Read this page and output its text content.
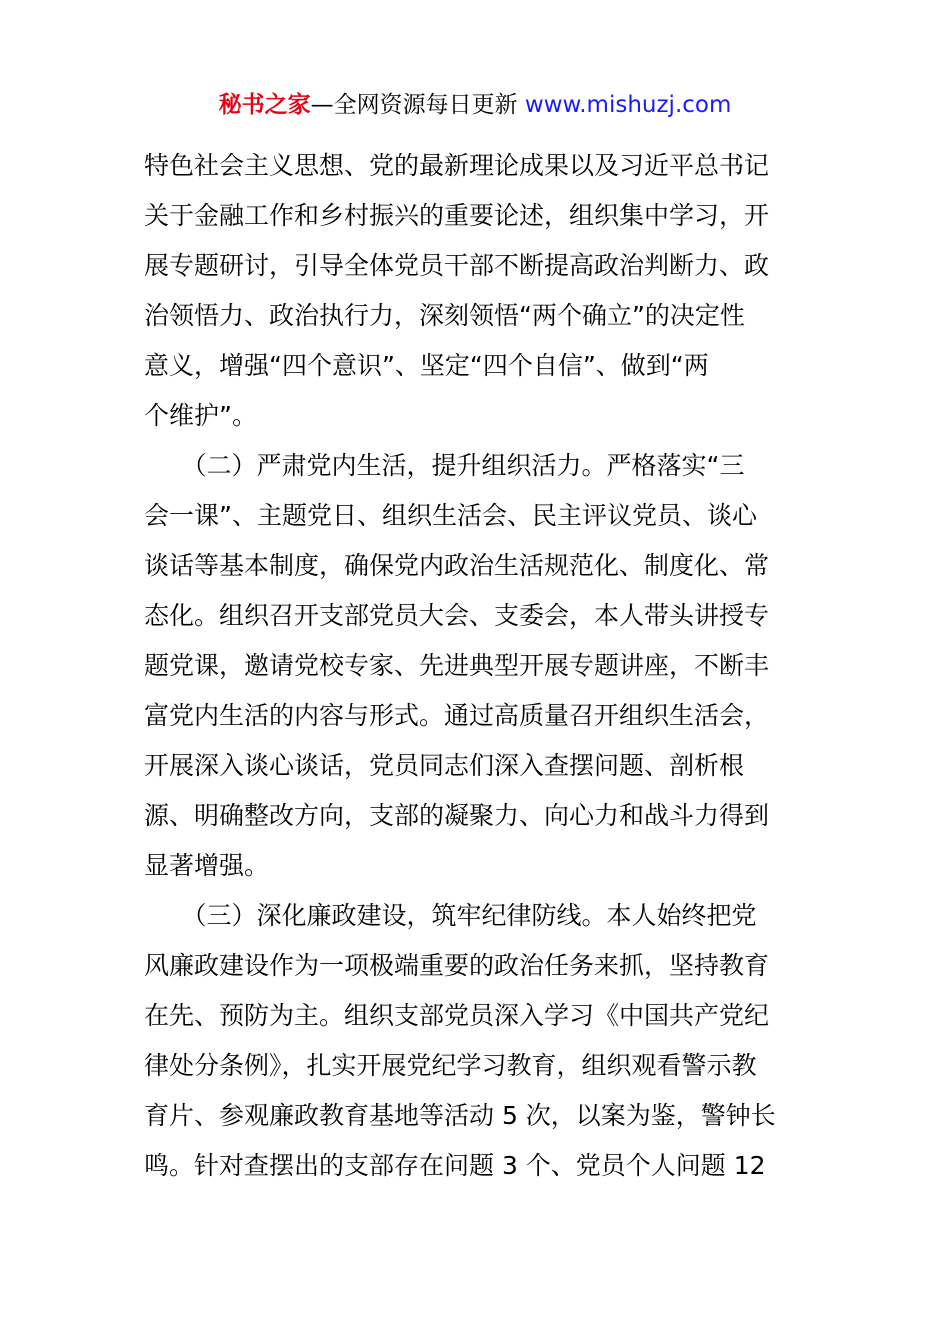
秘书之家—全网资源每日更新 www.mishuzj.com
特色社会主义思想、党的最新理论成果以及习近平总书记
关于金融工作和乡村振兴的重要论述，组织集中学习，开
展专题研讨，引导全体党员干部不断提高政治判断力、政
治领悟力、政治执行力，深刻领悟“两个确立”的决定性
意义，增强“四个意识”、坚定“四个自信”、做到“两
个维护”。
　　（二）严肃党内生活，提升组织活力。严格落实“三
会一课”、主题党日、组织生活会、民主评议党员、谈心
谈话等基本制度，确保党内政治生活规范化、制度化、常
态化。组织召开支部党员大会、支委会，本人带头讲授专
题党课，邀请党校专家、先进典型开展专题讲座，不断丰
富党内生活的内容与形式。通过高质量召开组织生活会，
开展深入谈心谈话，党员同志们深入查摆问题、剖析根
源、明确整改方向，支部的凝聚力、向心力和战斗力得到
显著增强。
　　（三）深化廉政建设，筑牢纪律防线。本人始终把党
风廉政建设作为一项极端重要的政治任务来抓，坚持教育
在先、预防为主。组织支部党员深入学习《中国共产党纪
律处分条例》，扎实开展党纪学习教育，组织观看警示教
育片、参观廉政教育基地等活动 5 次，以案为鉴，警钟长
鸣。针对查摆出的支部存在问题 3 个、党员个人问题 12
